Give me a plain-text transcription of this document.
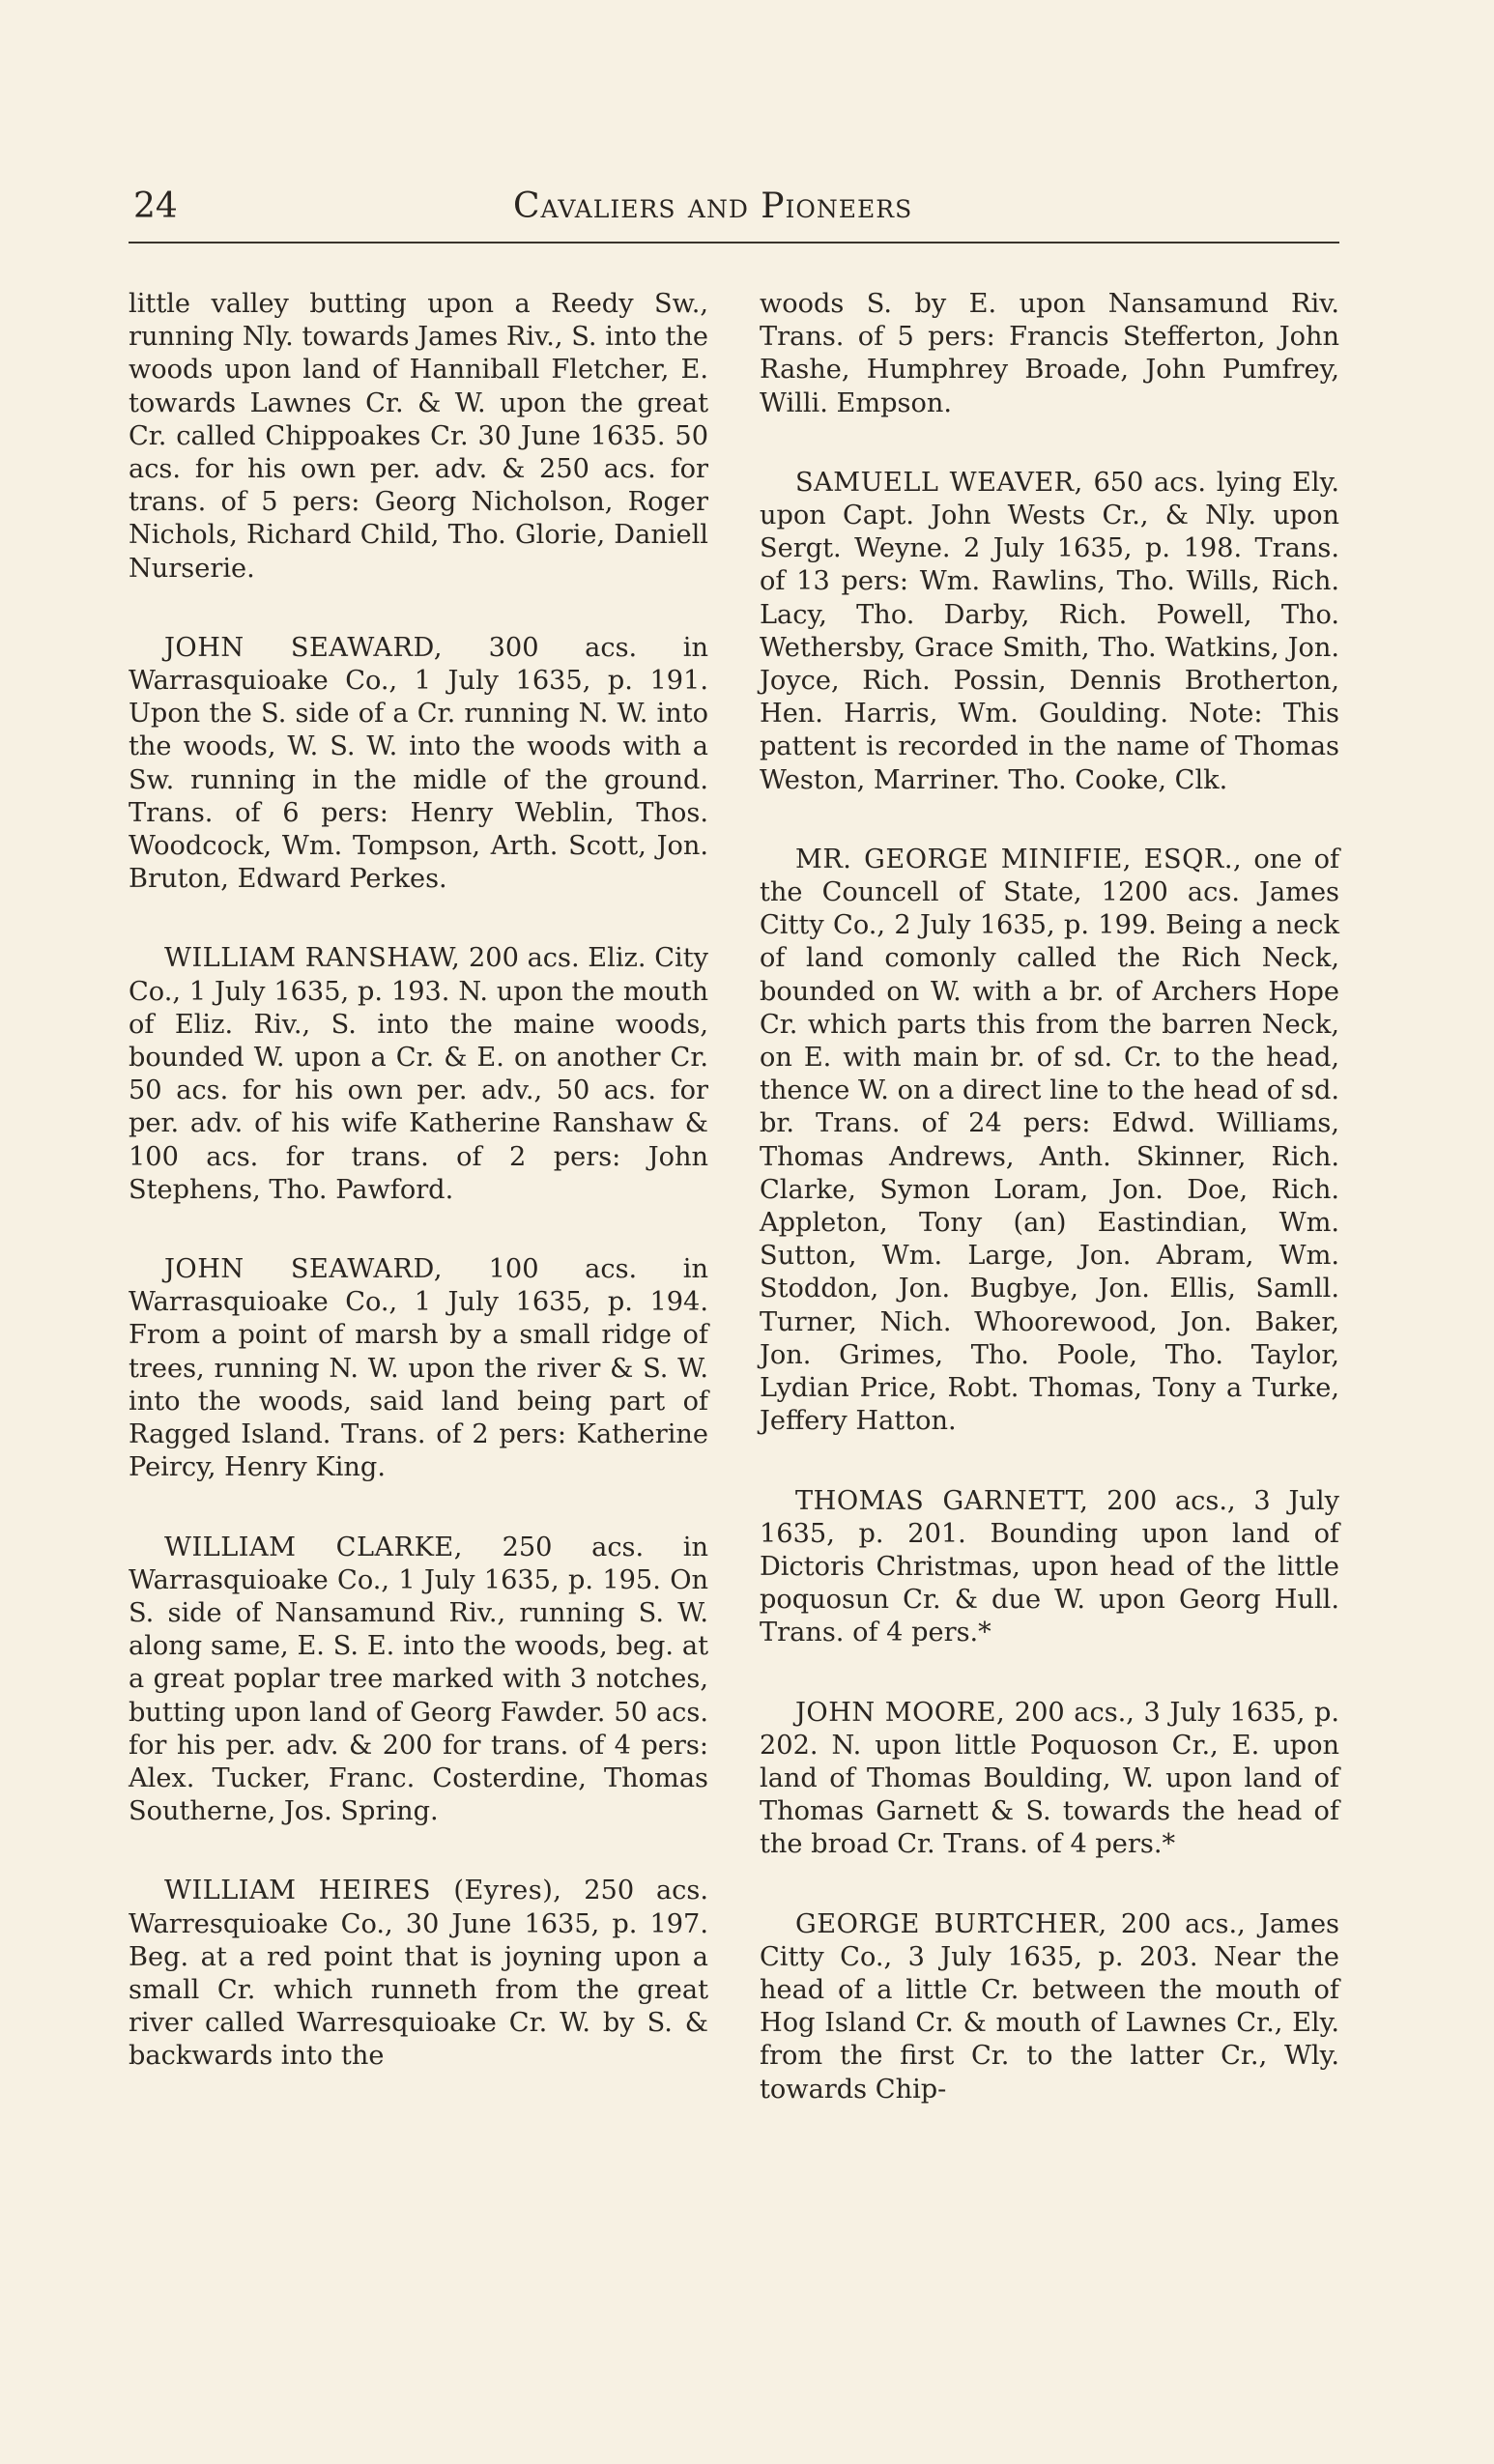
24	Cavaliers and Pioneers

little valley butting upon a Reedy Sw., running Nly. towards James Riv., S. into the woods upon land of Hanniball Fletcher, E. towards Lawnes Cr. & W. upon the great Cr. called Chippoakes Cr. 30 June 1635. 50 acs. for his own per. adv. & 250 acs. for trans. of 5 pers: Georg Nicholson, Roger Nichols, Richard Child, Tho. Glorie, Daniell Nurserie.

JOHN SEAWARD, 300 acs. in Warrasquioake Co., 1 July 1635, p. 191. Upon the S. side of a Cr. running N. W. into the woods, W. S. W. into the woods with a Sw. running in the midle of the ground. Trans. of 6 pers: Henry Weblin, Thos. Woodcock, Wm. Tompson, Arth. Scott, Jon. Bruton, Edward Perkes.

WILLIAM RANSHAW, 200 acs. Eliz. City Co., 1 July 1635, p. 193. N. upon the mouth of Eliz. Riv., S. into the maine woods, bounded W. upon a Cr. & E. on another Cr. 50 acs. for his own per. adv., 50 acs. for per. adv. of his wife Katherine Ranshaw & 100 acs. for trans. of 2 pers: John Stephens, Tho. Pawford.

JOHN SEAWARD, 100 acs. in Warrasquioake Co., 1 July 1635, p. 194. From a point of marsh by a small ridge of trees, running N. W. upon the river & S. W. into the woods, said land being part of Ragged Island. Trans. of 2 pers: Katherine Peircy, Henry King.

WILLIAM CLARKE, 250 acs. in Warrasquioake Co., 1 July 1635, p. 195. On S. side of Nansamund Riv., running S. W. along same, E. S. E. into the woods, beg. at a great poplar tree marked with 3 notches, butting upon land of Georg Fawder. 50 acs. for his per. adv. & 200 for trans. of 4 pers: Alex. Tucker, Franc. Costerdine, Thomas Southerne, Jos. Spring.

WILLIAM HEIRES (Eyres), 250 acs. Warresquioake Co., 30 June 1635, p. 197. Beg. at a red point that is joyning upon a small Cr. which runneth from the great river called Warresquioake Cr. W. by S. & backwards into the

woods S. by E. upon Nansamund Riv. Trans. of 5 pers: Francis Stefferton, John Rashe, Humphrey Broade, John Pumfrey, Willi. Empson.

SAMUELL WEAVER, 650 acs. lying Ely. upon Capt. John Wests Cr., & Nly. upon Sergt. Weyne. 2 July 1635, p. 198. Trans. of 13 pers: Wm. Rawlins, Tho. Wills, Rich. Lacy, Tho. Darby, Rich. Powell, Tho. Wethersby, Grace Smith, Tho. Watkins, Jon. Joyce, Rich. Possin, Dennis Brotherton, Hen. Harris, Wm. Goulding. Note: This pattent is recorded in the name of Thomas Weston, Marriner. Tho. Cooke, Clk.

MR. GEORGE MINIFIE, ESQR., one of the Councell of State, 1200 acs. James Citty Co., 2 July 1635, p. 199. Being a neck of land comonly called the Rich Neck, bounded on W. with a br. of Archers Hope Cr. which parts this from the barren Neck, on E. with main br. of sd. Cr. to the head, thence W. on a direct line to the head of sd. br. Trans. of 24 pers: Edwd. Williams, Thomas Andrews, Anth. Skinner, Rich. Clarke, Symon Loram, Jon. Doe, Rich. Appleton, Tony (an) Eastindian, Wm. Sutton, Wm. Large, Jon. Abram, Wm. Stoddon, Jon. Bugbye, Jon. Ellis, Samll. Turner, Nich. Whoorewood, Jon. Baker, Jon. Grimes, Tho. Poole, Tho. Taylor, Lydian Price, Robt. Thomas, Tony a Turke, Jeffery Hatton.

THOMAS GARNETT, 200 acs., 3 July 1635, p. 201. Bounding upon land of Dictoris Christmas, upon head of the little poquosun Cr. & due W. upon Georg Hull. Trans. of 4 pers.*

JOHN MOORE, 200 acs., 3 July 1635, p. 202. N. upon little Poquoson Cr., E. upon land of Thomas Boulding, W. upon land of Thomas Garnett & S. towards the head of the broad Cr. Trans. of 4 pers.*

GEORGE BURTCHER, 200 acs., James Citty Co., 3 July 1635, p. 203. Near the head of a little Cr. between the mouth of Hog Island Cr. & mouth of Lawnes Cr., Ely. from the first Cr. to the latter Cr., Wly. towards Chip-
